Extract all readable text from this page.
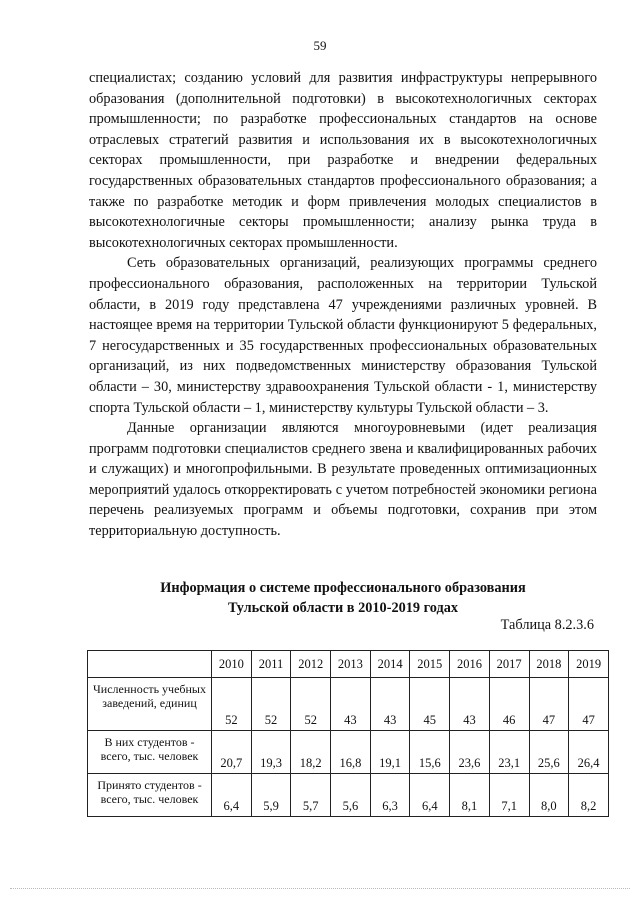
59

специалистах; созданию условий для развития инфраструктуры непрерывного образования (дополнительной подготовки) в высокотехнологичных секторах промышленности; по разработке профессиональных стандартов на основе отраслевых стратегий развития и использования их в высокотехнологичных секторах промышленности, при разработке и внедрении федеральных государственных образовательных стандартов профессионального образования; а также по разработке методик и форм привлечения молодых специалистов в высокотехнологичные секторы промышленности; анализу рынка труда в высокотехнологичных секторах промышленности.

Сеть образовательных организаций, реализующих программы среднего профессионального образования, расположенных на территории Тульской области, в 2019 году представлена 47 учреждениями различных уровней. В настоящее время на территории Тульской области функционируют 5 федеральных, 7 негосударственных и 35 государственных профессиональных образовательных организаций, из них подведомственных министерству образования Тульской области – 30, министерству здравоохранения Тульской области - 1, министерству спорта Тульской области – 1, министерству культуры Тульской области – 3.

Данные организации являются многоуровневыми (идет реализация программ подготовки специалистов среднего звена и квалифицированных рабочих и служащих) и многопрофильными. В результате проведенных оптимизационных мероприятий удалось откорректировать с учетом потребностей экономики региона перечень реализуемых программ и объемы подготовки, сохранив при этом территориальную доступность.

Информация о системе профессионального образования
Тульской области в 2010-2019 годах
Таблица 8.2.3.6
	2010	2011	2012	2013	2014	2015	2016	2017	2018	2019
Численность учебных заведений, единиц	52	52	52	43	43	45	43	46	47	47
В них студентов - всего, тыс. человек	20,7	19,3	18,2	16,8	19,1	15,6	23,6	23,1	25,6	26,4
Принято студентов - всего, тыс. человек	6,4	5,9	5,7	5,6	6,3	6,4	8,1	7,1	8,0	8,2
